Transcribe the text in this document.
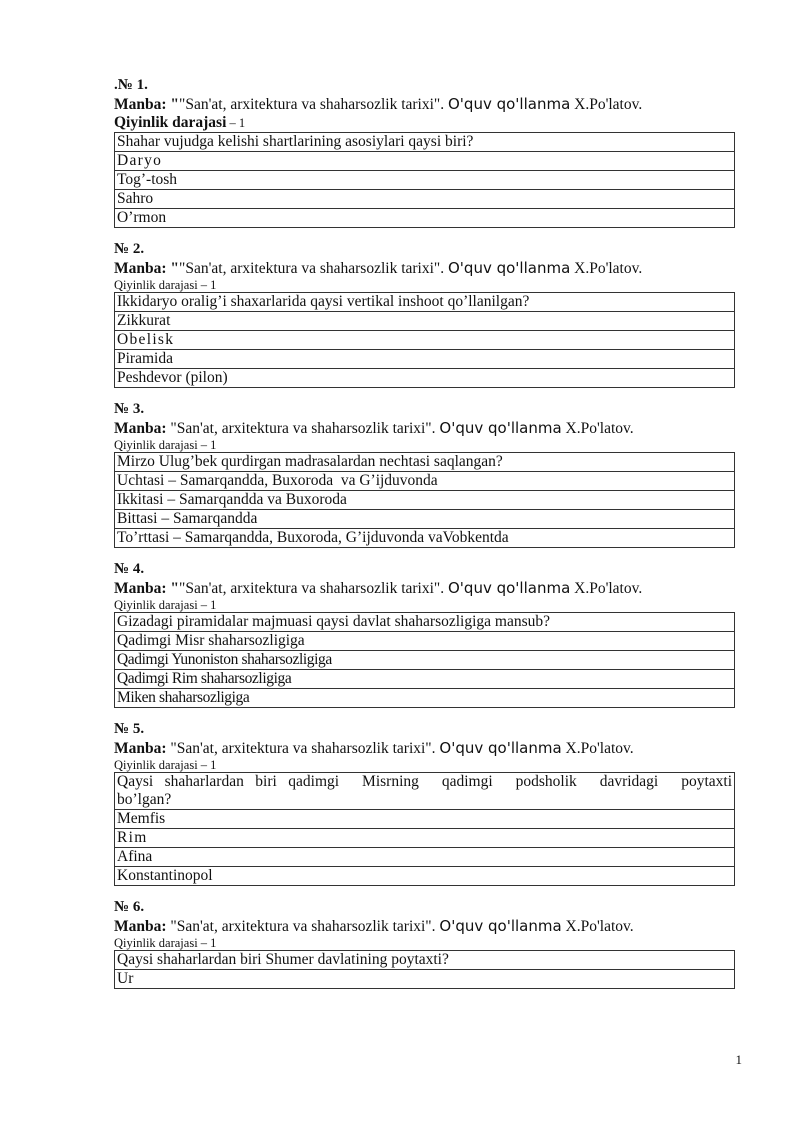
.№ 1.
Manba: ""San'at, arxitektura va shaharsozlik tarixi". O'quv qo'llanma X.Po'latov.
Qiyinlik darajasi – 1
Shahar vujudga kelishi shartlarining asosiylari qaysi biri?
Daryo
Tog’-tosh
Sahro
O’rmon
№ 2.
Manba: ""San'at, arxitektura va shaharsozlik tarixi". O'quv qo'llanma X.Po'latov.
Qiyinlik darajasi – 1
Ikkidaryo oralig’i shaxarlarida qaysi vertikal inshoot qo’llanilgan?
Zikkurat
Obelisk
Piramida
Peshdevor (pilon)
№ 3.
Manba: "San'at, arxitektura va shaharsozlik tarixi". O'quv qo'llanma X.Po'latov.
Qiyinlik darajasi – 1
Mirzo Ulug’bek qurdirgan madrasalardan nechtasi saqlangan?
Uchtasi – Samarqandda, Buxoroda  va G’ijduvonda
Ikkitasi – Samarqandda va Buxoroda
Bittasi – Samarqandda
To’rttasi – Samarqandda, Buxoroda, G’ijduvonda vaVobkentda
№ 4.
Manba: ""San'at, arxitektura va shaharsozlik tarixi". O'quv qo'llanma X.Po'latov.
Qiyinlik darajasi – 1
Gizadagi piramidalar majmuasi qaysi davlat shaharsozligiga mansub?
Qadimgi Misr shaharsozligiga
Qadimgi Yunoniston shaharsozligiga
Qadimgi Rim shaharsozligiga
Miken shaharsozligiga
№ 5.
Manba: "San'at, arxitektura va shaharsozlik tarixi". O'quv qo'llanma X.Po'latov.
Qiyinlik darajasi – 1
Qaysi shaharlardan biri qadimgi  Misrning  qadimgi  podsholik  davridagi  poytaxti bo’lgan?
Memfis
Rim
Afina
Konstantinopol
№ 6.
Manba: "San'at, arxitektura va shaharsozlik tarixi". O'quv qo'llanma X.Po'latov.
Qiyinlik darajasi – 1
Qaysi shaharlardan biri Shumer davlatining poytaxti?
Ur
1
